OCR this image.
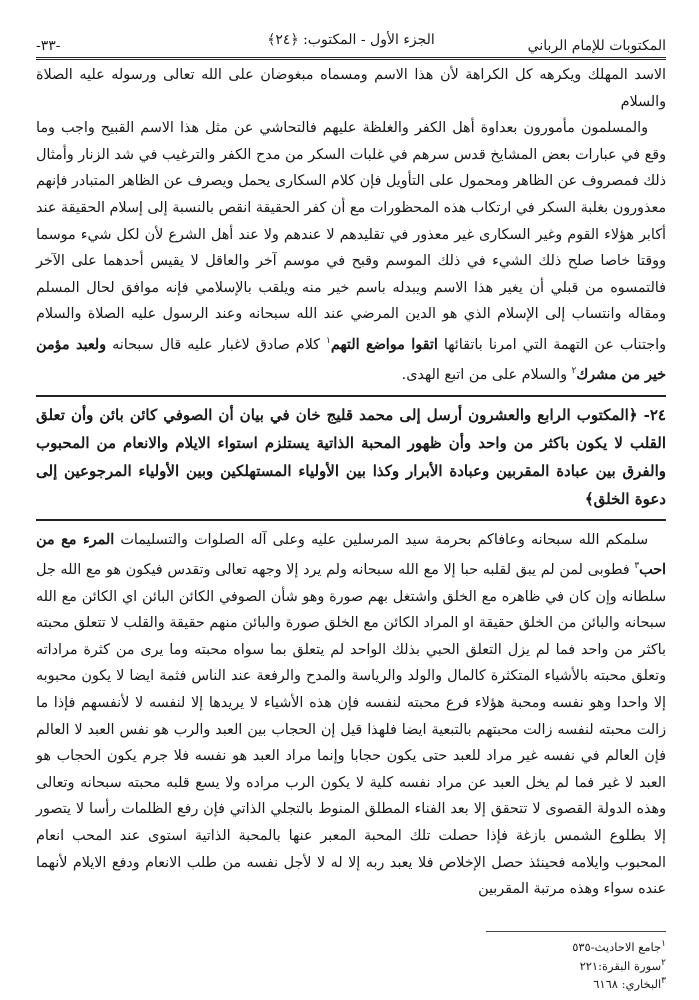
المكتوبات للإمام الرباني
-٣٣-	الجزء الأول - المكتوب: ﴿٢٤﴾

الاسد المهلك ويكرهه كل الكراهة لأن هذا الاسم ومسماه مبغوضان على الله تعالى ورسوله عليه الصلاة والسلام

والمسلمون مأمورون بعداوة أهل الكفر والغلظة عليهم فالتحاشي عن مثل هذا الاسم القبيح واجب وما وقع في عبارات بعض المشايخ قدس سرهم في غلبات السكر من مدح الكفر والترغيب في شد الزنار وأمثال ذلك فمصروف عن الظاهر ومحمول على التأويل فإن كلام السكارى يحمل ويصرف عن الظاهر المتبادر فإنهم معذورون بغلبة السكر في ارتكاب هذه المحظورات مع أن كفر الحقيقة انقص بالنسبة إلى إسلام الحقيقة عند أكابر هؤلاء القوم وغير السكارى غير معذور في تقليدهم لا عندهم ولا عند أهل الشرع لأن لكل شيء موسما ووقتا خاصا صلح ذلك الشيء في ذلك الموسم وقبح في موسم آخر والعاقل لا يقيس أحدهما على الآخر فالتمسوه من قبلي أن يغير هذا الاسم ويبدله باسم خير منه ويلقب بالإسلامي فإنه موافق لحال المسلم ومقاله وانتساب إلى الإسلام الذي هو الدين المرضي عند الله سبحانه وعند الرسول عليه الصلاة والسلام واجتناب عن التهمة التي امرنا باتقائها اتقوا مواضع التهم$^١$ كلام صادق لاغبار عليه قال سبحانه ولعبد مؤمن خير من مشرك$^٢$ والسلام على من اتبع الهدى.

٢٤- ﴿المكتوب الرابع والعشرون أرسل إلى محمد قليج خان في بيان أن الصوفي كائن بائن وأن تعلق القلب لا يكون باكثر من واحد وأن ظهور المحبة الذاتية يستلزم استواء الايلام والانعام من المحبوب والفرق بين عبادة المقربين وعبادة الأبرار وكذا بين الأولياء المستهلكين وبين الأولياء المرجوعين إلى دعوة الخلق﴾

سلمكم الله سبحانه وعافاكم بحرمة سيد المرسلين عليه وعلى آله الصلوات والتسليمات المرء مع من احب$^٣$ فطوبى لمن لم يبق لقلبه حبا إلا مع الله سبحانه ولم يرد إلا وجهه تعالى وتقدس فيكون هو مع الله جل سلطانه وإن كان في ظاهره مع الخلق واشتغل بهم صورة وهو شأن الصوفي الكائن البائن اي الكائن مع الله سبحانه والبائن من الخلق حقيقة او المراد الكائن مع الخلق صورة والبائن منهم حقيقة والقلب لا تتعلق محبته باكثر من واحد فما لم يزل التعلق الحبي بذلك الواحد لم يتعلق بما سواه محبته وما يرى من كثرة مراداته وتعلق محبته بالأشياء المتكثرة كالمال والولد والرياسة والمدح والرفعة عند الناس فثمة ايضا لا يكون محبوبه إلا واحدا وهو نفسه ومحبة هؤلاء فرع محبته لنفسه فإن هذه الأشياء لا يريدها إلا لنفسه لا لأنفسهم فإذا ما زالت محبته لنفسه زالت محبتهم بالتبعية ايضا فلهذا قيل إن الحجاب بين العبد والرب هو نفس العبد لا العالم فإن العالم في نفسه غير مراد للعبد حتى يكون حجابا وإنما مراد العبد هو نفسه فلا جرم يكون الحجاب هو العبد لا غير فما لم يخل العبد عن مراد نفسه كلية لا يكون الرب مراده ولا يسع قلبه محبته سبحانه وتعالى وهذه الدولة القصوى لا تتحقق إلا بعد الفناء المطلق المنوط بالتجلي الذاتي فإن رفع الظلمات رأسا لا يتصور إلا بطلوع الشمس بازغة فإذا حصلت تلك المحبة المعبر عنها بالمحبة الذاتية استوى عند المحب انعام المحبوب وايلامه فحينئذ حصل الإخلاص فلا يعبد ربه إلا له لا لأجل نفسه من طلب الانعام ودفع الايلام لأنهما عنده سواء وهذه مرتبة المقربين

$^١$جامع الاحاديث-٥٣٥
$^٢$سورة البقرة:٢٢١
$^٣$البخاري: ٦١٦٨
